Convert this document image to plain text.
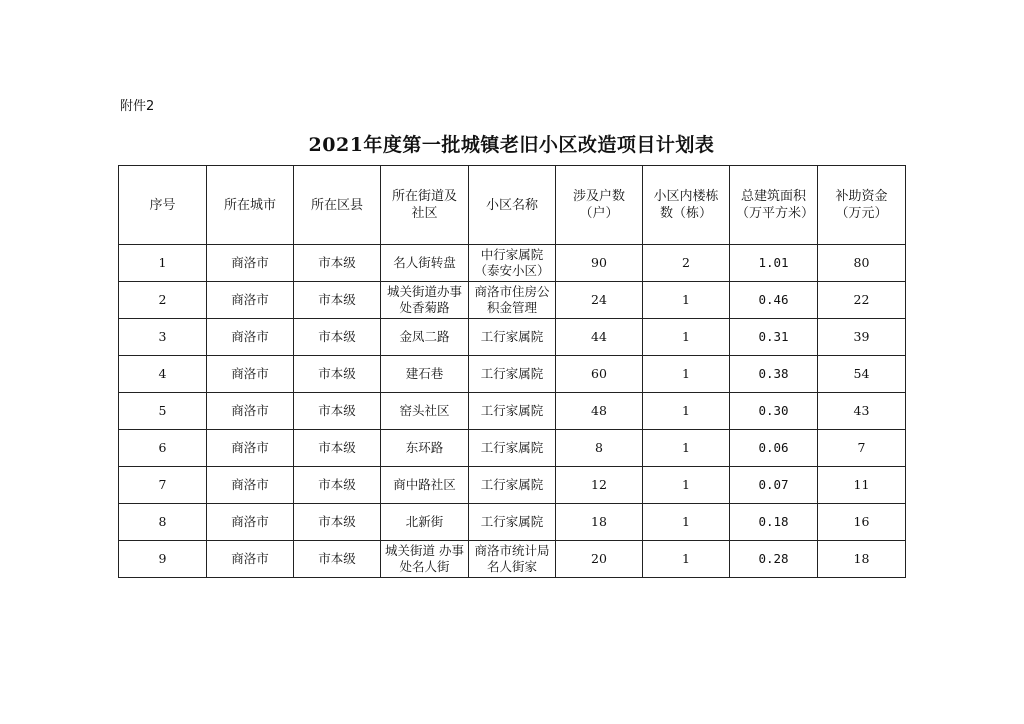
附件2
2021年度第一批城镇老旧小区改造项目计划表
序号	所在城市	所在区县	所在街道及社区	小区名称	涉及户数（户）	小区内楼栋数（栋）	总建筑面积（万平方米）	补助资金（万元）
1	商洛市	市本级	名人街转盘	中行家属院（泰安小区）	90	2	1.01	80
2	商洛市	市本级	城关街道办事处香菊路	商洛市住房公积金管理	24	1	0.46	22
3	商洛市	市本级	金凤二路	工行家属院	44	1	0.31	39
4	商洛市	市本级	建石巷	工行家属院	60	1	0.38	54
5	商洛市	市本级	窑头社区	工行家属院	48	1	0.30	43
6	商洛市	市本级	东环路	工行家属院	8	1	0.06	7
7	商洛市	市本级	商中路社区	工行家属院	12	1	0.07	11
8	商洛市	市本级	北新街	工行家属院	18	1	0.18	16
9	商洛市	市本级	城关街道 办事处名人街	商洛市统计局名人街家	20	1	0.28	18
